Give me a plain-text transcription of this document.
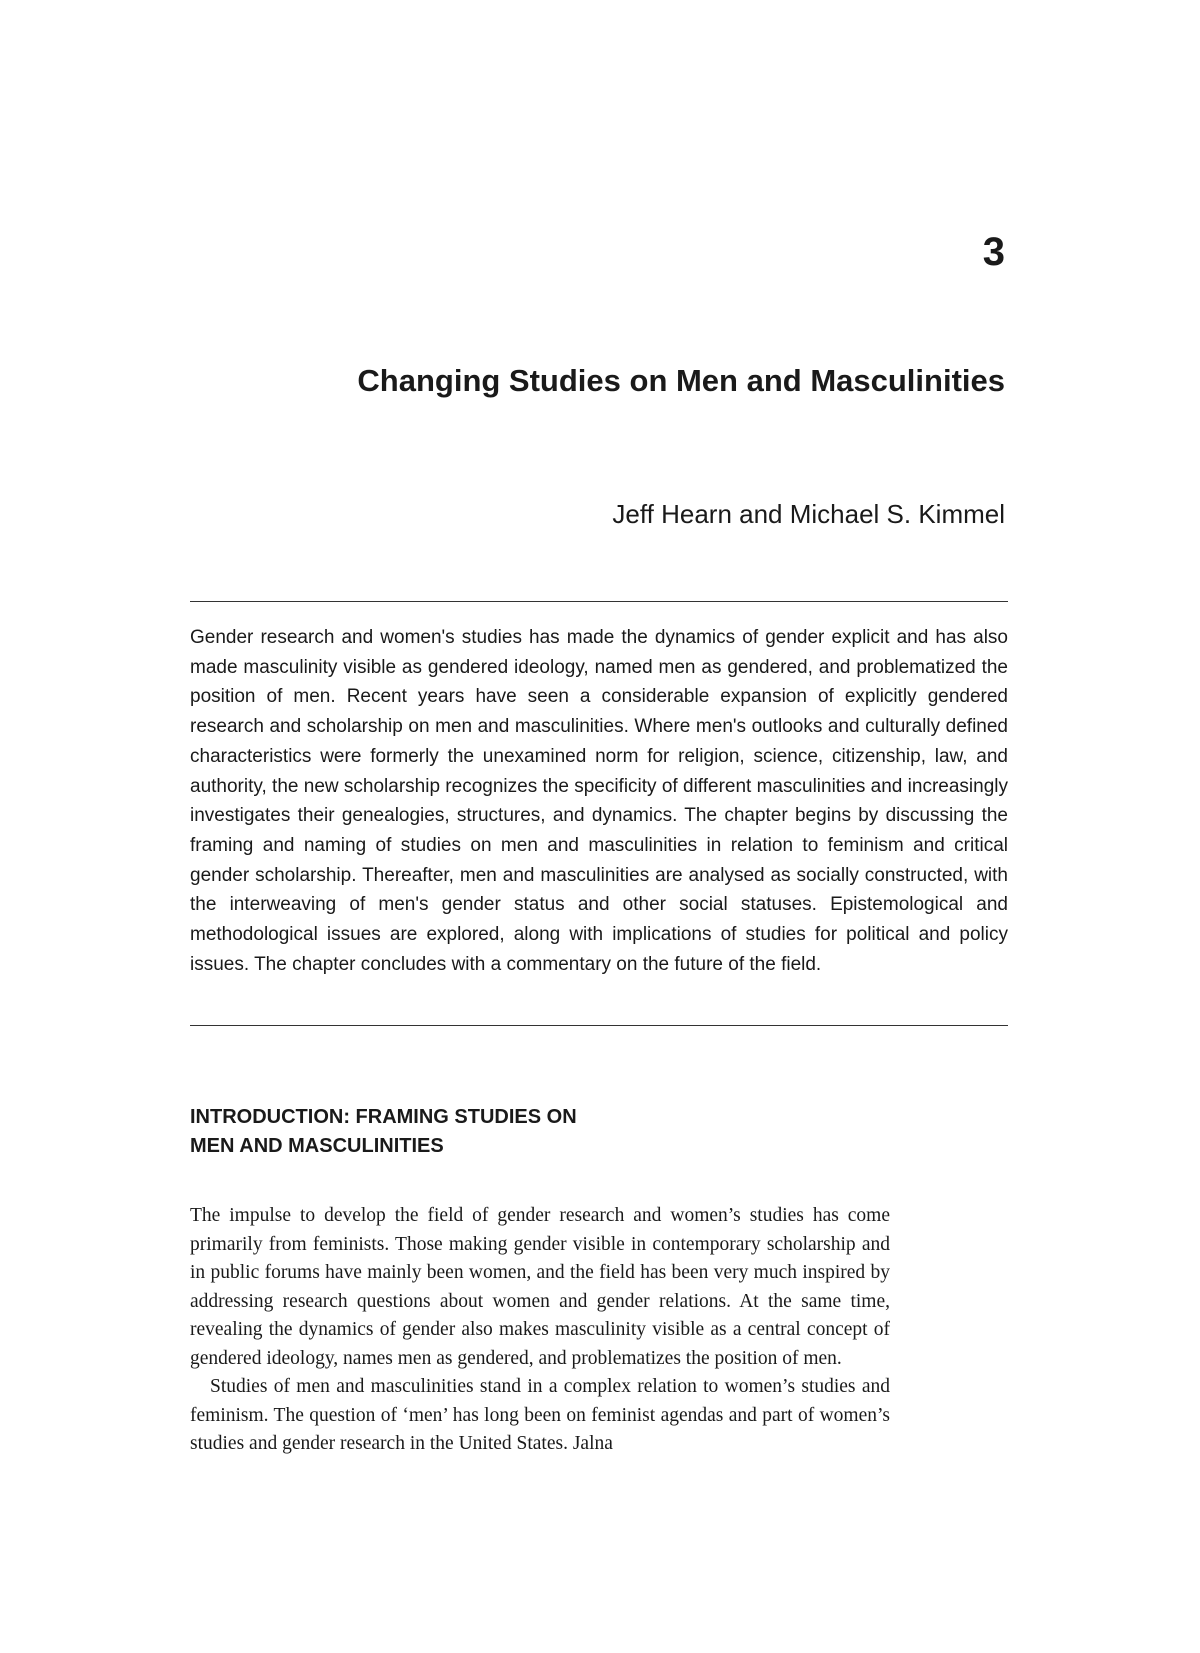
3
Changing Studies on Men and Masculinities
Jeff Hearn and Michael S. Kimmel

Gender research and women's studies has made the dynamics of gender explicit and has also made masculinity visible as gendered ideology, named men as gendered, and problematized the position of men. Recent years have seen a considerable expansion of explicitly gendered research and scholarship on men and masculinities. Where men's outlooks and culturally defined characteristics were formerly the unexamined norm for religion, science, citizenship, law, and authority, the new scholarship recognizes the specificity of different masculinities and increasingly investigates their genealogies, structures, and dynamics. The chapter begins by discussing the framing and naming of studies on men and masculinities in relation to feminism and critical gender scholarship. Thereafter, men and masculinities are analysed as socially constructed, with the interweaving of men's gender status and other social statuses. Epistemological and methodological issues are explored, along with implications of studies for political and policy issues. The chapter concludes with a commentary on the future of the field.

INTRODUCTION: FRAMING STUDIES ON
MEN AND MASCULINITIES

The impulse to develop the field of gender research and women’s studies has come primarily from feminists. Those making gender visible in contemporary scholarship and in public forums have mainly been women, and the field has been very much inspired by addressing research questions about women and gender relations. At the same time, revealing the dynamics of gender also makes masculinity visible as a central concept of gendered ideology, names men as gendered, and problematizes the position of men.

Studies of men and masculinities stand in a complex relation to women’s studies and feminism. The question of ‘men’ has long been on feminist agendas and part of women’s studies and gender research in the United States. Jalna
